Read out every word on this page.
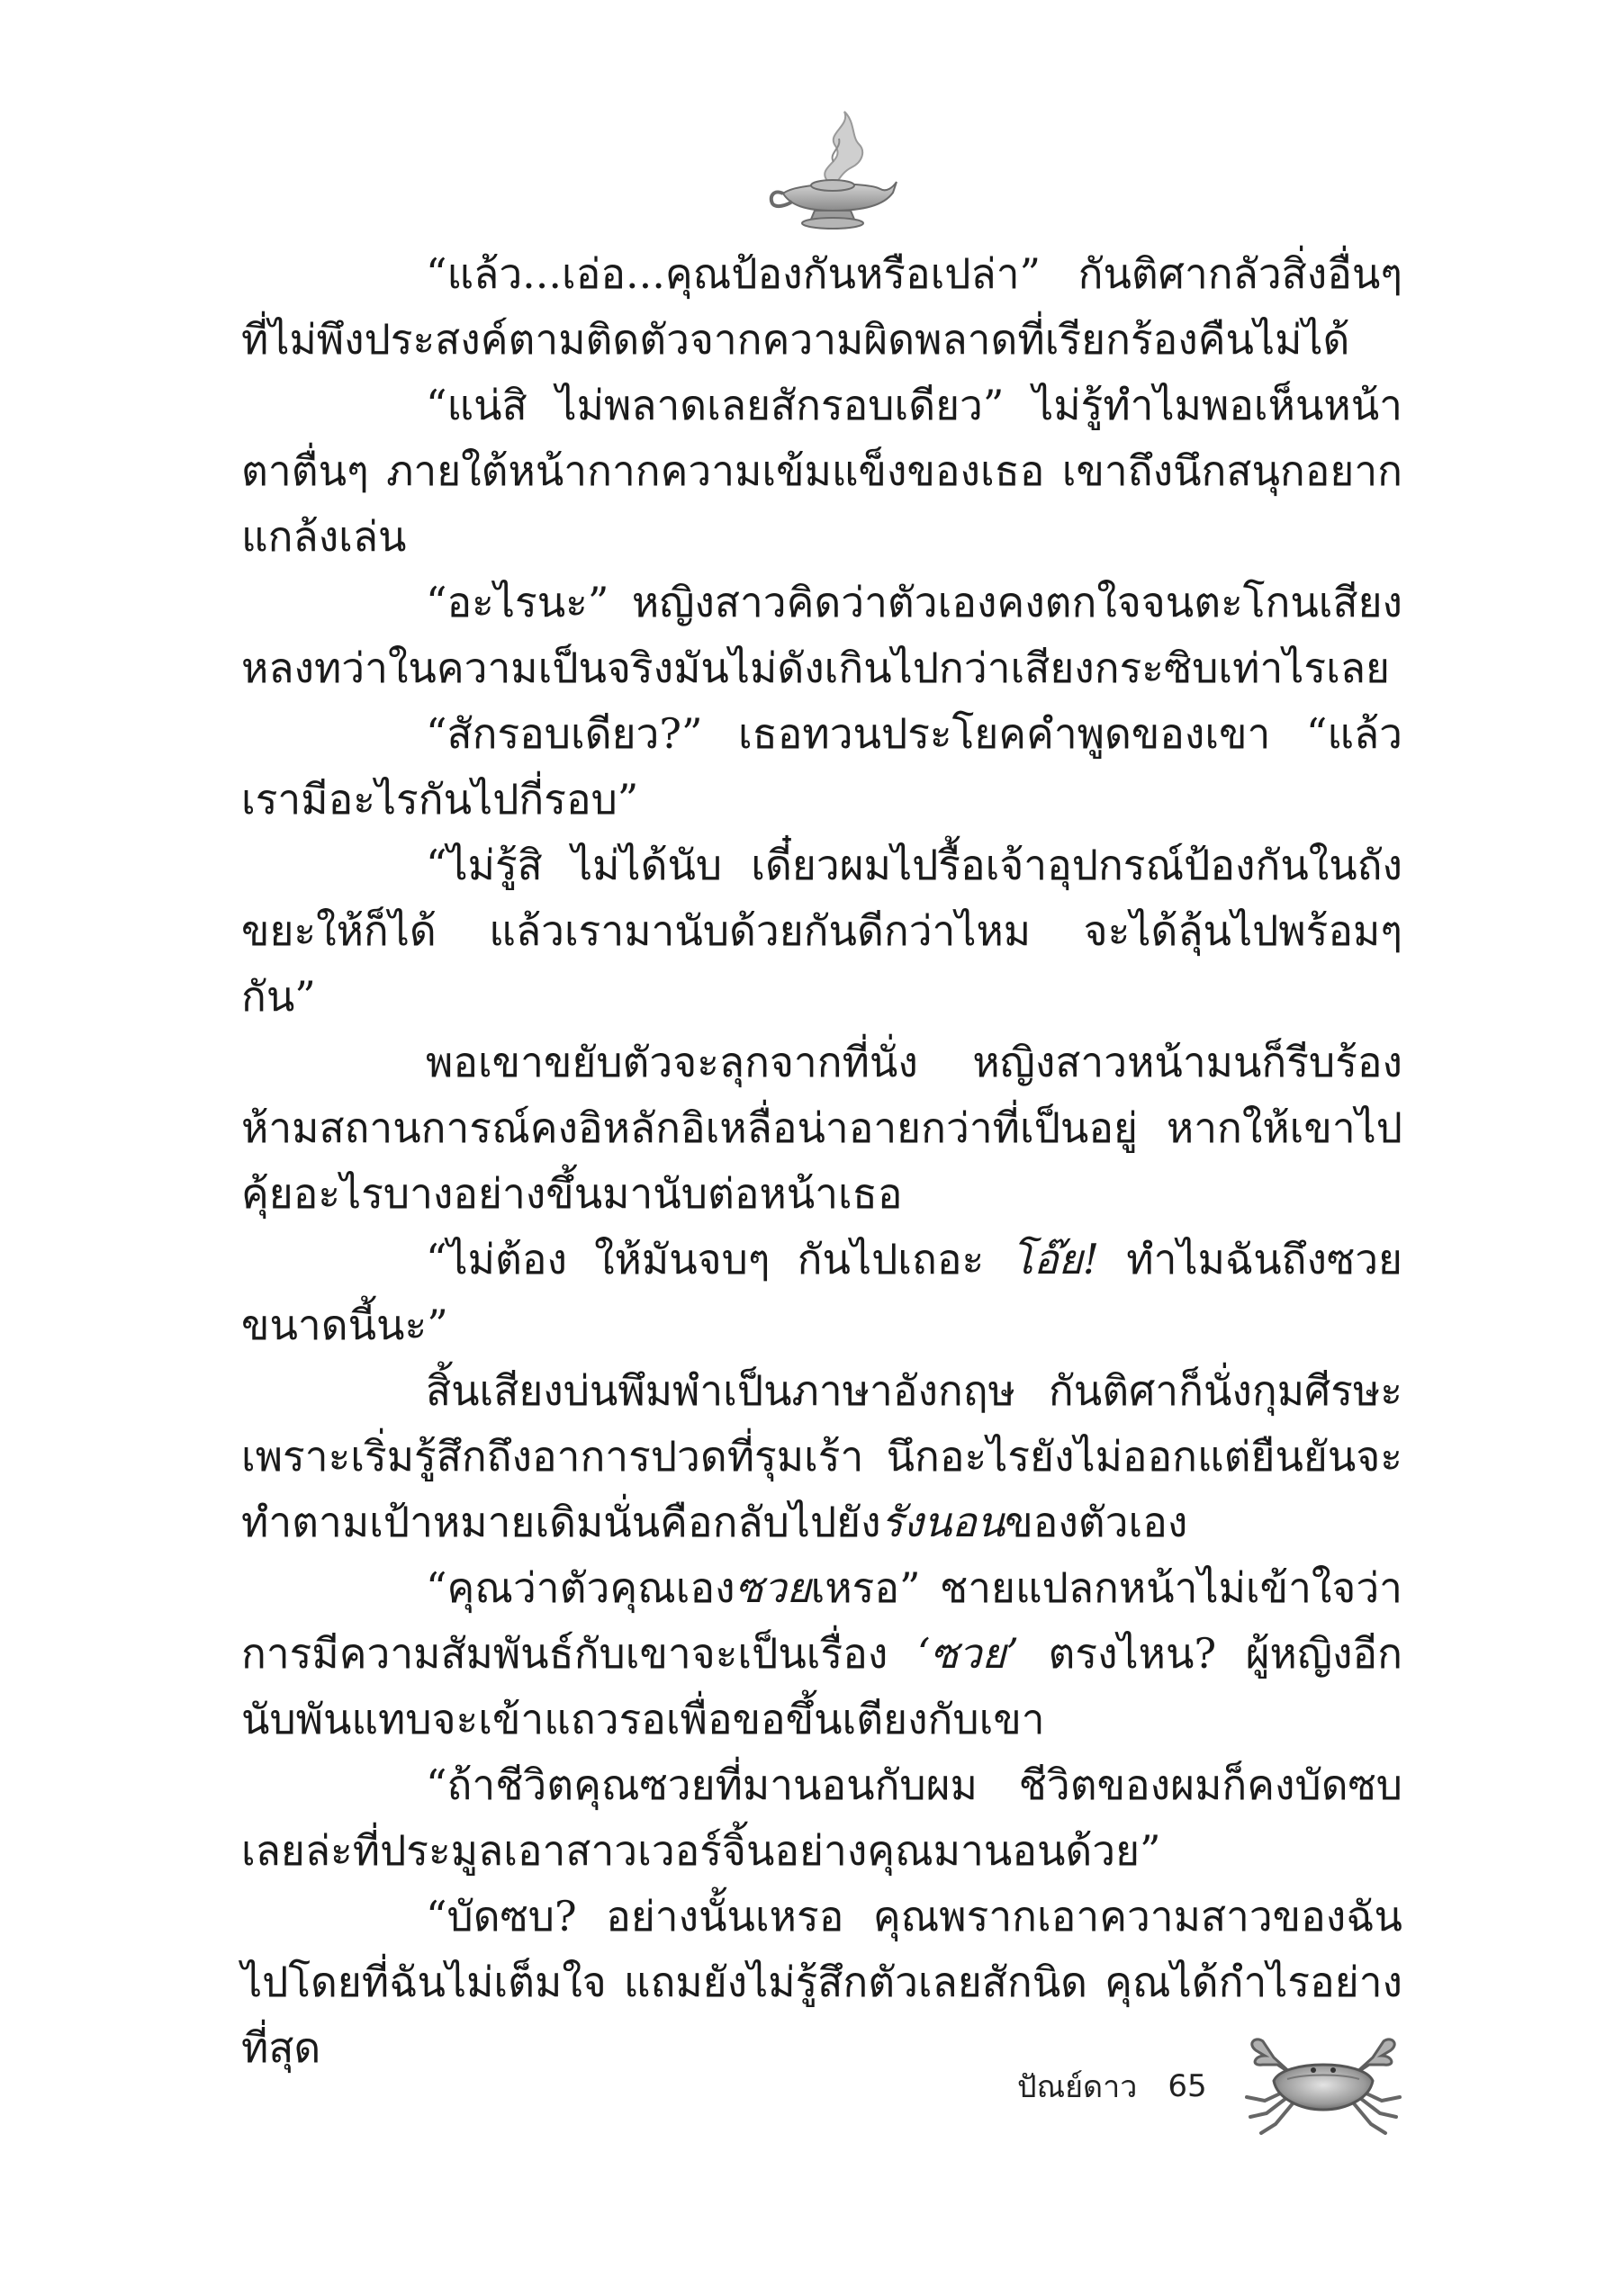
“แล้ว...เอ่อ...คุณป้องกันหรือเปล่า” กันติศากลัวสิ่งอื่นๆ ที่ไม่พึงประสงค์ตามติดตัวจากความผิดพลาดที่เรียกร้องคืนไม่ได้

“แน่สิ ไม่พลาดเลยสักรอบเดียว” ไม่รู้ทำไมพอเห็นหน้าตาตื่นๆ ภายใต้หน้ากากความเข้มแข็งของเธอ เขาถึงนึกสนุกอยากแกล้งเล่น

“อะไรนะ” หญิงสาวคิดว่าตัวเองคงตกใจจนตะโกนเสียงหลงทว่าในความเป็นจริงมันไม่ดังเกินไปกว่าเสียงกระซิบเท่าไรเลย

“สักรอบเดียว?” เธอทวนประโยคคำพูดของเขา “แล้วเรามีอะไรกันไปกี่รอบ”

“ไม่รู้สิ ไม่ได้นับ เดี๋ยวผมไปรื้อเจ้าอุปกรณ์ป้องกันในถังขยะให้ก็ได้ แล้วเรามานับด้วยกันดีกว่าไหม จะได้ลุ้นไปพร้อมๆ กัน”

พอเขาขยับตัวจะลุกจากที่นั่ง หญิงสาวหน้ามนก็รีบร้องห้ามสถานการณ์คงอิหลักอิเหลื่อน่าอายกว่าที่เป็นอยู่ หากให้เขาไปคุ้ยอะไรบางอย่างขึ้นมานับต่อหน้าเธอ

“ไม่ต้อง ให้มันจบๆ กันไปเถอะ โอ๊ย! ทำไมฉันถึงซวยขนาดนี้นะ”

สิ้นเสียงบ่นพึมพำเป็นภาษาอังกฤษ กันติศาก็นั่งกุมศีรษะเพราะเริ่มรู้สึกถึงอาการปวดที่รุมเร้า นึกอะไรยังไม่ออกแต่ยืนยันจะทำตามเป้าหมายเดิมนั่นคือกลับไปยังรังนอนของตัวเอง

“คุณว่าตัวคุณเองซวยเหรอ” ชายแปลกหน้าไม่เข้าใจว่า การมีความสัมพันธ์กับเขาจะเป็นเรื่อง ‘ซวย’ ตรงไหน? ผู้หญิงอีกนับพันแทบจะเข้าแถวรอเพื่อขอขึ้นเตียงกับเขา

“ถ้าชีวิตคุณซวยที่มานอนกับผม ชีวิตของผมก็คงบัดซบเลยล่ะที่ประมูลเอาสาวเวอร์จิ้นอย่างคุณมานอนด้วย”

“บัดซบ? อย่างนั้นเหรอ คุณพรากเอาความสาวของฉันไปโดยที่ฉันไม่เต็มใจ แถมยังไม่รู้สึกตัวเลยสักนิด คุณได้กำไรอย่างที่สุด

ปัณย์ดาว 65
